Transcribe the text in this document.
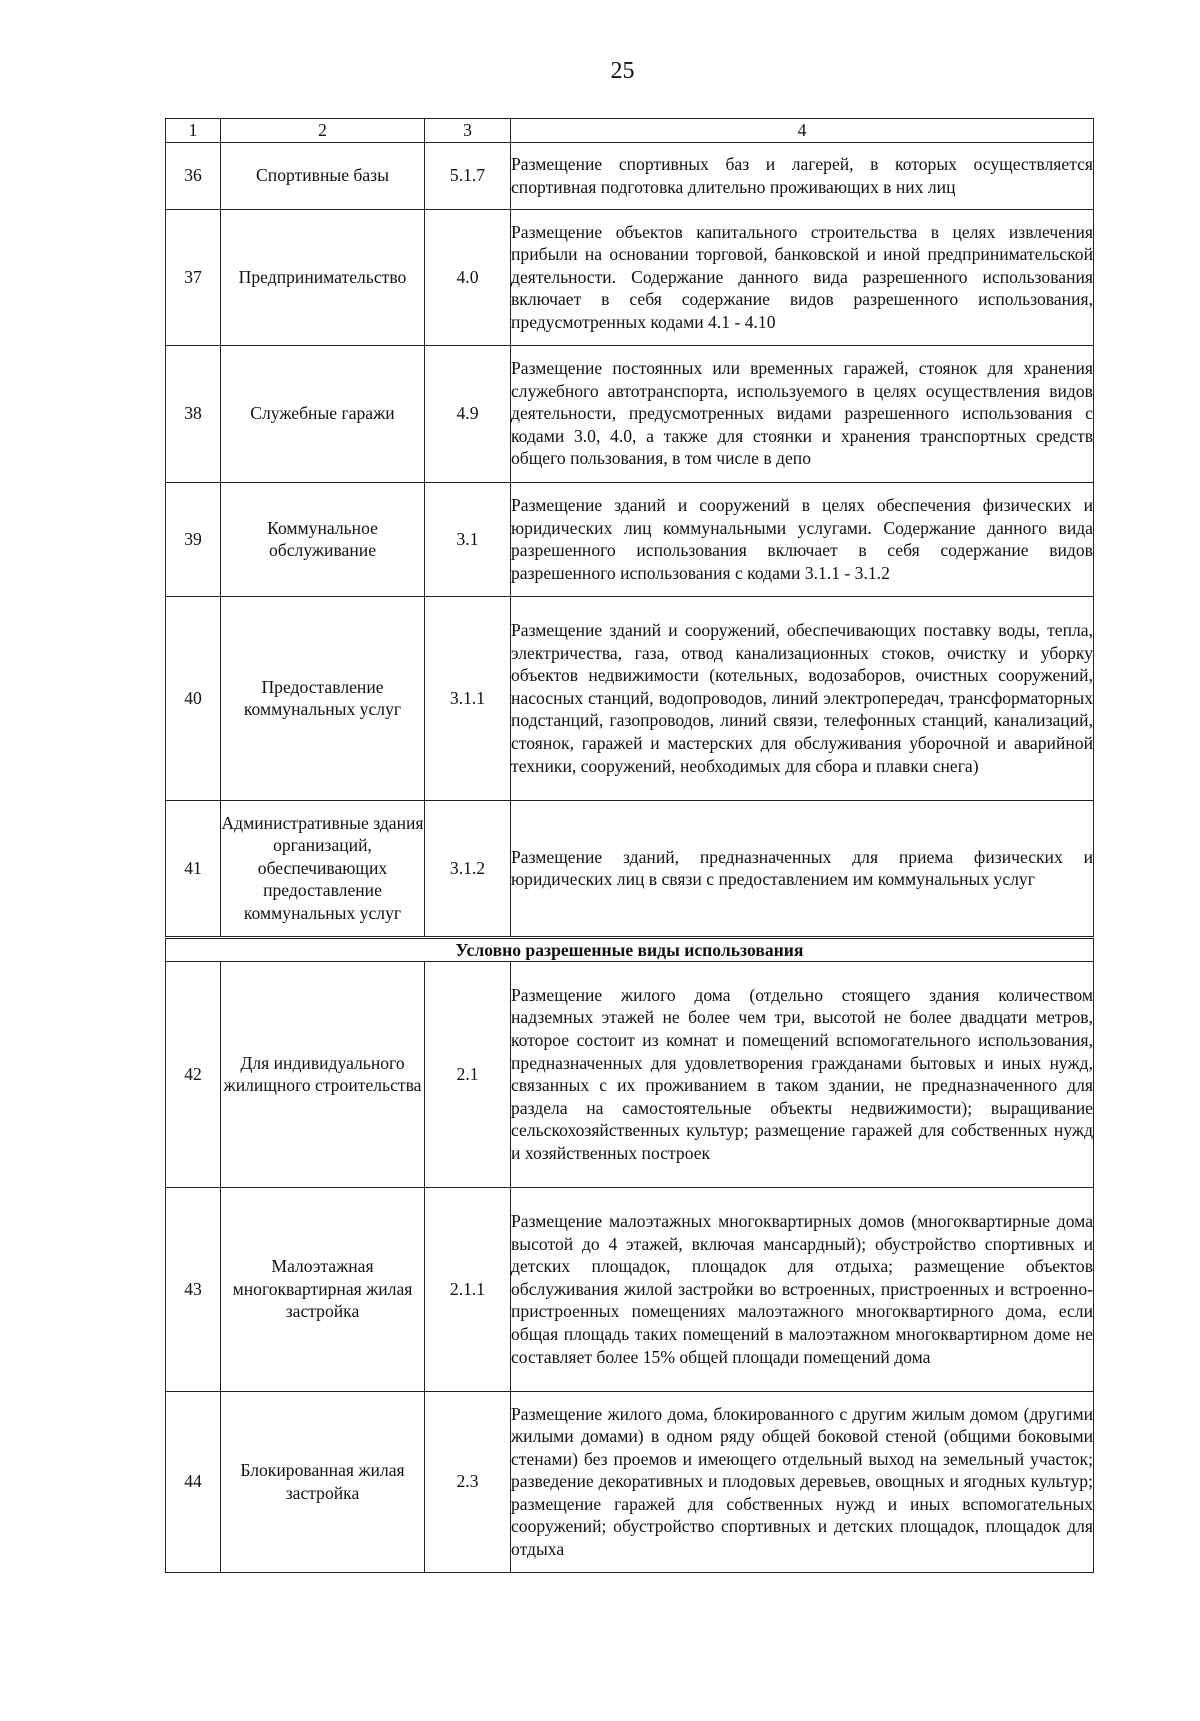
25
1	2	3	4
36	Спортивные базы	5.1.7	Размещение спортивных баз и лагерей, в которых осуществляется спортивная подготовка длительно проживающих в них лиц
37	Предпринимательство	4.0	Размещение объектов капитального строительства в целях извлечения прибыли на основании торговой, банковской и иной предпринимательской деятельности. Содержание данного вида разрешенного использования включает в себя содержание видов разрешенного использования, предусмотренных кодами 4.1 - 4.10
38	Служебные гаражи	4.9	Размещение постоянных или временных гаражей, стоянок для хранения служебного автотранспорта, используемого в целях осуществления видов деятельности, предусмотренных видами разрешенного использования с кодами 3.0, 4.0, а также для стоянки и хранения транспортных средств общего пользования, в том числе в депо
39	Коммунальное обслуживание	3.1	Размещение зданий и сооружений в целях обеспечения физических и юридических лиц коммунальными услугами. Содержание данного вида разрешенного использования включает в себя содержание видов разрешенного использования с кодами 3.1.1 - 3.1.2
40	Предоставление коммунальных услуг	3.1.1	Размещение зданий и сооружений, обеспечивающих поставку воды, тепла, электричества, газа, отвод канализационных стоков, очистку и уборку объектов недвижимости (котельных, водозаборов, очистных сооружений, насосных станций, водопроводов, линий электропередач, трансформаторных подстанций, газопроводов, линий связи, телефонных станций, канализаций, стоянок, гаражей и мастерских для обслуживания уборочной и аварийной техники, сооружений, необходимых для сбора и плавки снега)
41	Административные здания организаций, обеспечивающих предоставление коммунальных услуг	3.1.2	Размещение зданий, предназначенных для приема физических и юридических лиц в связи с предоставлением им коммунальных услуг
Условно разрешенные виды использования			
42	Для индивидуального жилищного строительства	2.1	Размещение жилого дома (отдельно стоящего здания количеством надземных этажей не более чем три, высотой не более двадцати метров, которое состоит из комнат и помещений вспомогательного использования, предназначенных для удовлетворения гражданами бытовых и иных нужд, связанных с их проживанием в таком здании, не предназначенного для раздела на самостоятельные объекты недвижимости); выращивание сельскохозяйственных культур; размещение гаражей для собственных нужд и хозяйственных построек
43	Малоэтажная многоквартирная жилая застройка	2.1.1	Размещение малоэтажных многоквартирных домов (многоквартирные дома высотой до 4 этажей, включая мансардный); обустройство спортивных и детских площадок, площадок для отдыха; размещение объектов обслуживания жилой застройки во встроенных, пристроенных и встроенно-пристроенных помещениях малоэтажного многоквартирного дома, если общая площадь таких помещений в малоэтажном многоквартирном доме не составляет более 15% общей площади помещений дома
44	Блокированная жилая застройка	2.3	Размещение жилого дома, блокированного с другим жилым домом (другими жилыми домами) в одном ряду общей боковой стеной (общими боковыми стенами) без проемов и имеющего отдельный выход на земельный участок; разведение декоративных и плодовых деревьев, овощных и ягодных культур; размещение гаражей для собственных нужд и иных вспомогательных сооружений; обустройство спортивных и детских площадок, площадок для отдыха
